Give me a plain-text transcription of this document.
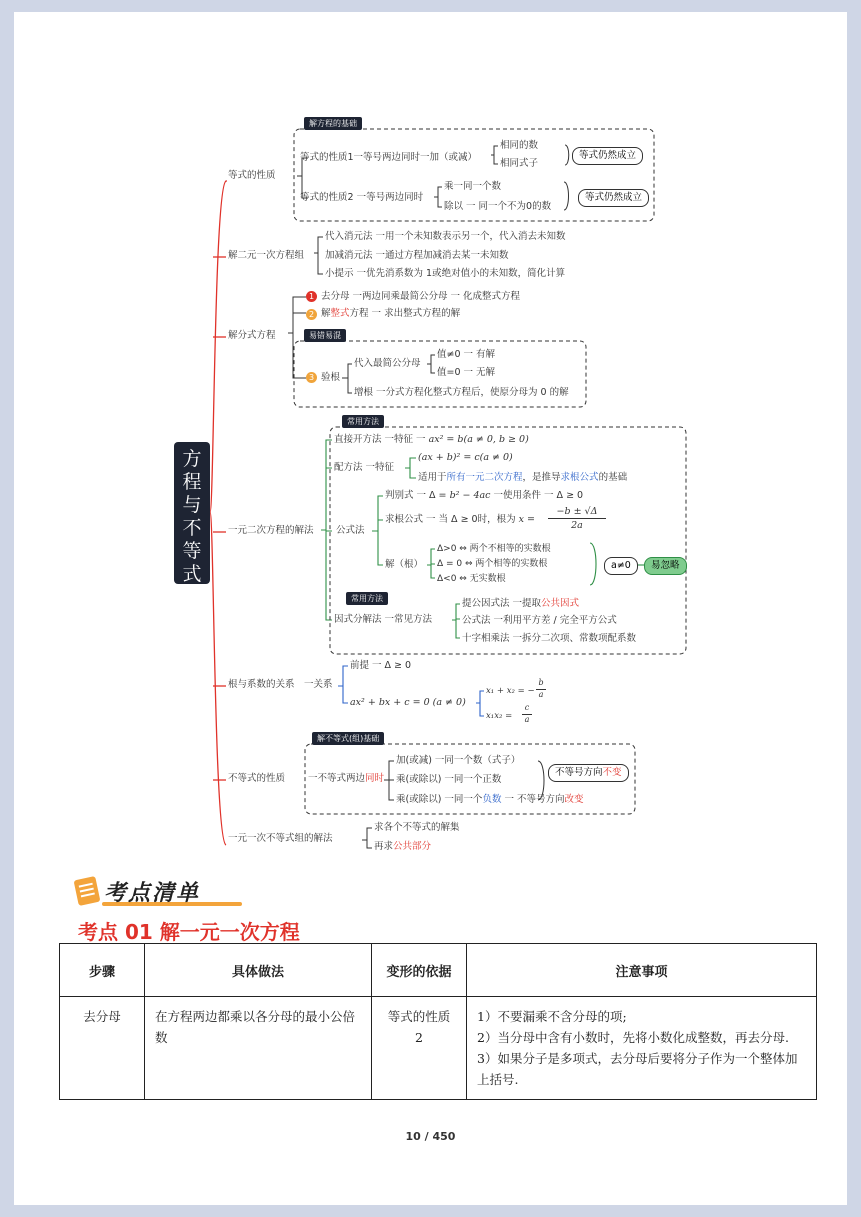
方
程
与
不
等
式
等式的性质
解二元一次方程组
解分式方程
一元二次方程的解法
根与系数的关系
不等式的性质
一元一次不等式组的解法
解方程的基础
易错易混
常用方法
常用方法
解不等式(组)基础
等式的性质1一等号两边同时一加（或减）
相同的数
相同式子
等式仍然成立
等式的性质2 一等号两边同时
乘一同一个数
除以 一 同一个不为0的数
等式仍然成立
代入消元法 一用一个未知数表示另一个，代入消去未知数
加减消元法 一通过方程加减消去某一未知数
小提示 一优先消系数为 1或绝对值小的未知数，简化计算
1 去分母 一两边同乘最简公分母 一 化成整式方程
2 解整式方程 一 求出整式方程的解
3 验根
代入最简公分母
值≠0 一 有解
值=0 一 无解
增根 一分式方程化整式方程后，使原分母为 0 的解
直接开方法 一特征 一 ax² = b(a ≠ 0, b ≥ 0)
配方法 一特征
(ax + b)² = c(a ≠ 0)
适用于所有一元二次方程，是推导求根公式的基础
公式法
判别式 一 Δ = b² − 4ac 一使用条件 一 Δ ≥ 0
求根公式 一 当 Δ ≥ 0时，根为 x =
−b ± √Δ
2a
解（根）
Δ>0 ⇔ 两个不相等的实数根
Δ = 0 ⇔ 两个相等的实数根
Δ<0 ⇔ 无实数根
a≠0	易忽略
因式分解法 一常见方法
提公因式法 一提取公共因式
公式法 一利用平方差 / 完全平方公式
十字相乘法 一拆分二次项、常数项配系数
一关系
前提 一 Δ ≥ 0
ax² + bx + c = 0 (a ≠ 0)
x₁ + x₂ = −
b
a
x₁x₂ =
c
a
一不等式两边同时
加(或减) 一同一个数（式子）
乘(或除以) 一同一个正数
乘(或除以) 一同一个负数 一 不等号方向改变
不等号方向不变
求各个不等式的解集
再求公共部分
考点清单
考点 01 解一元一次方程
步骤	具体做法	变形的依据	注意事项
去分母	在方程两边都乘以各分母的最小公倍数	等式的性质 2	1）不要漏乘不含分母的项;
2）当分母中含有小数时，先将小数化成整数，再去分母.
3）如果分子是多项式，去分母后要将分子作为一个整体加上括号.
10 / 450
